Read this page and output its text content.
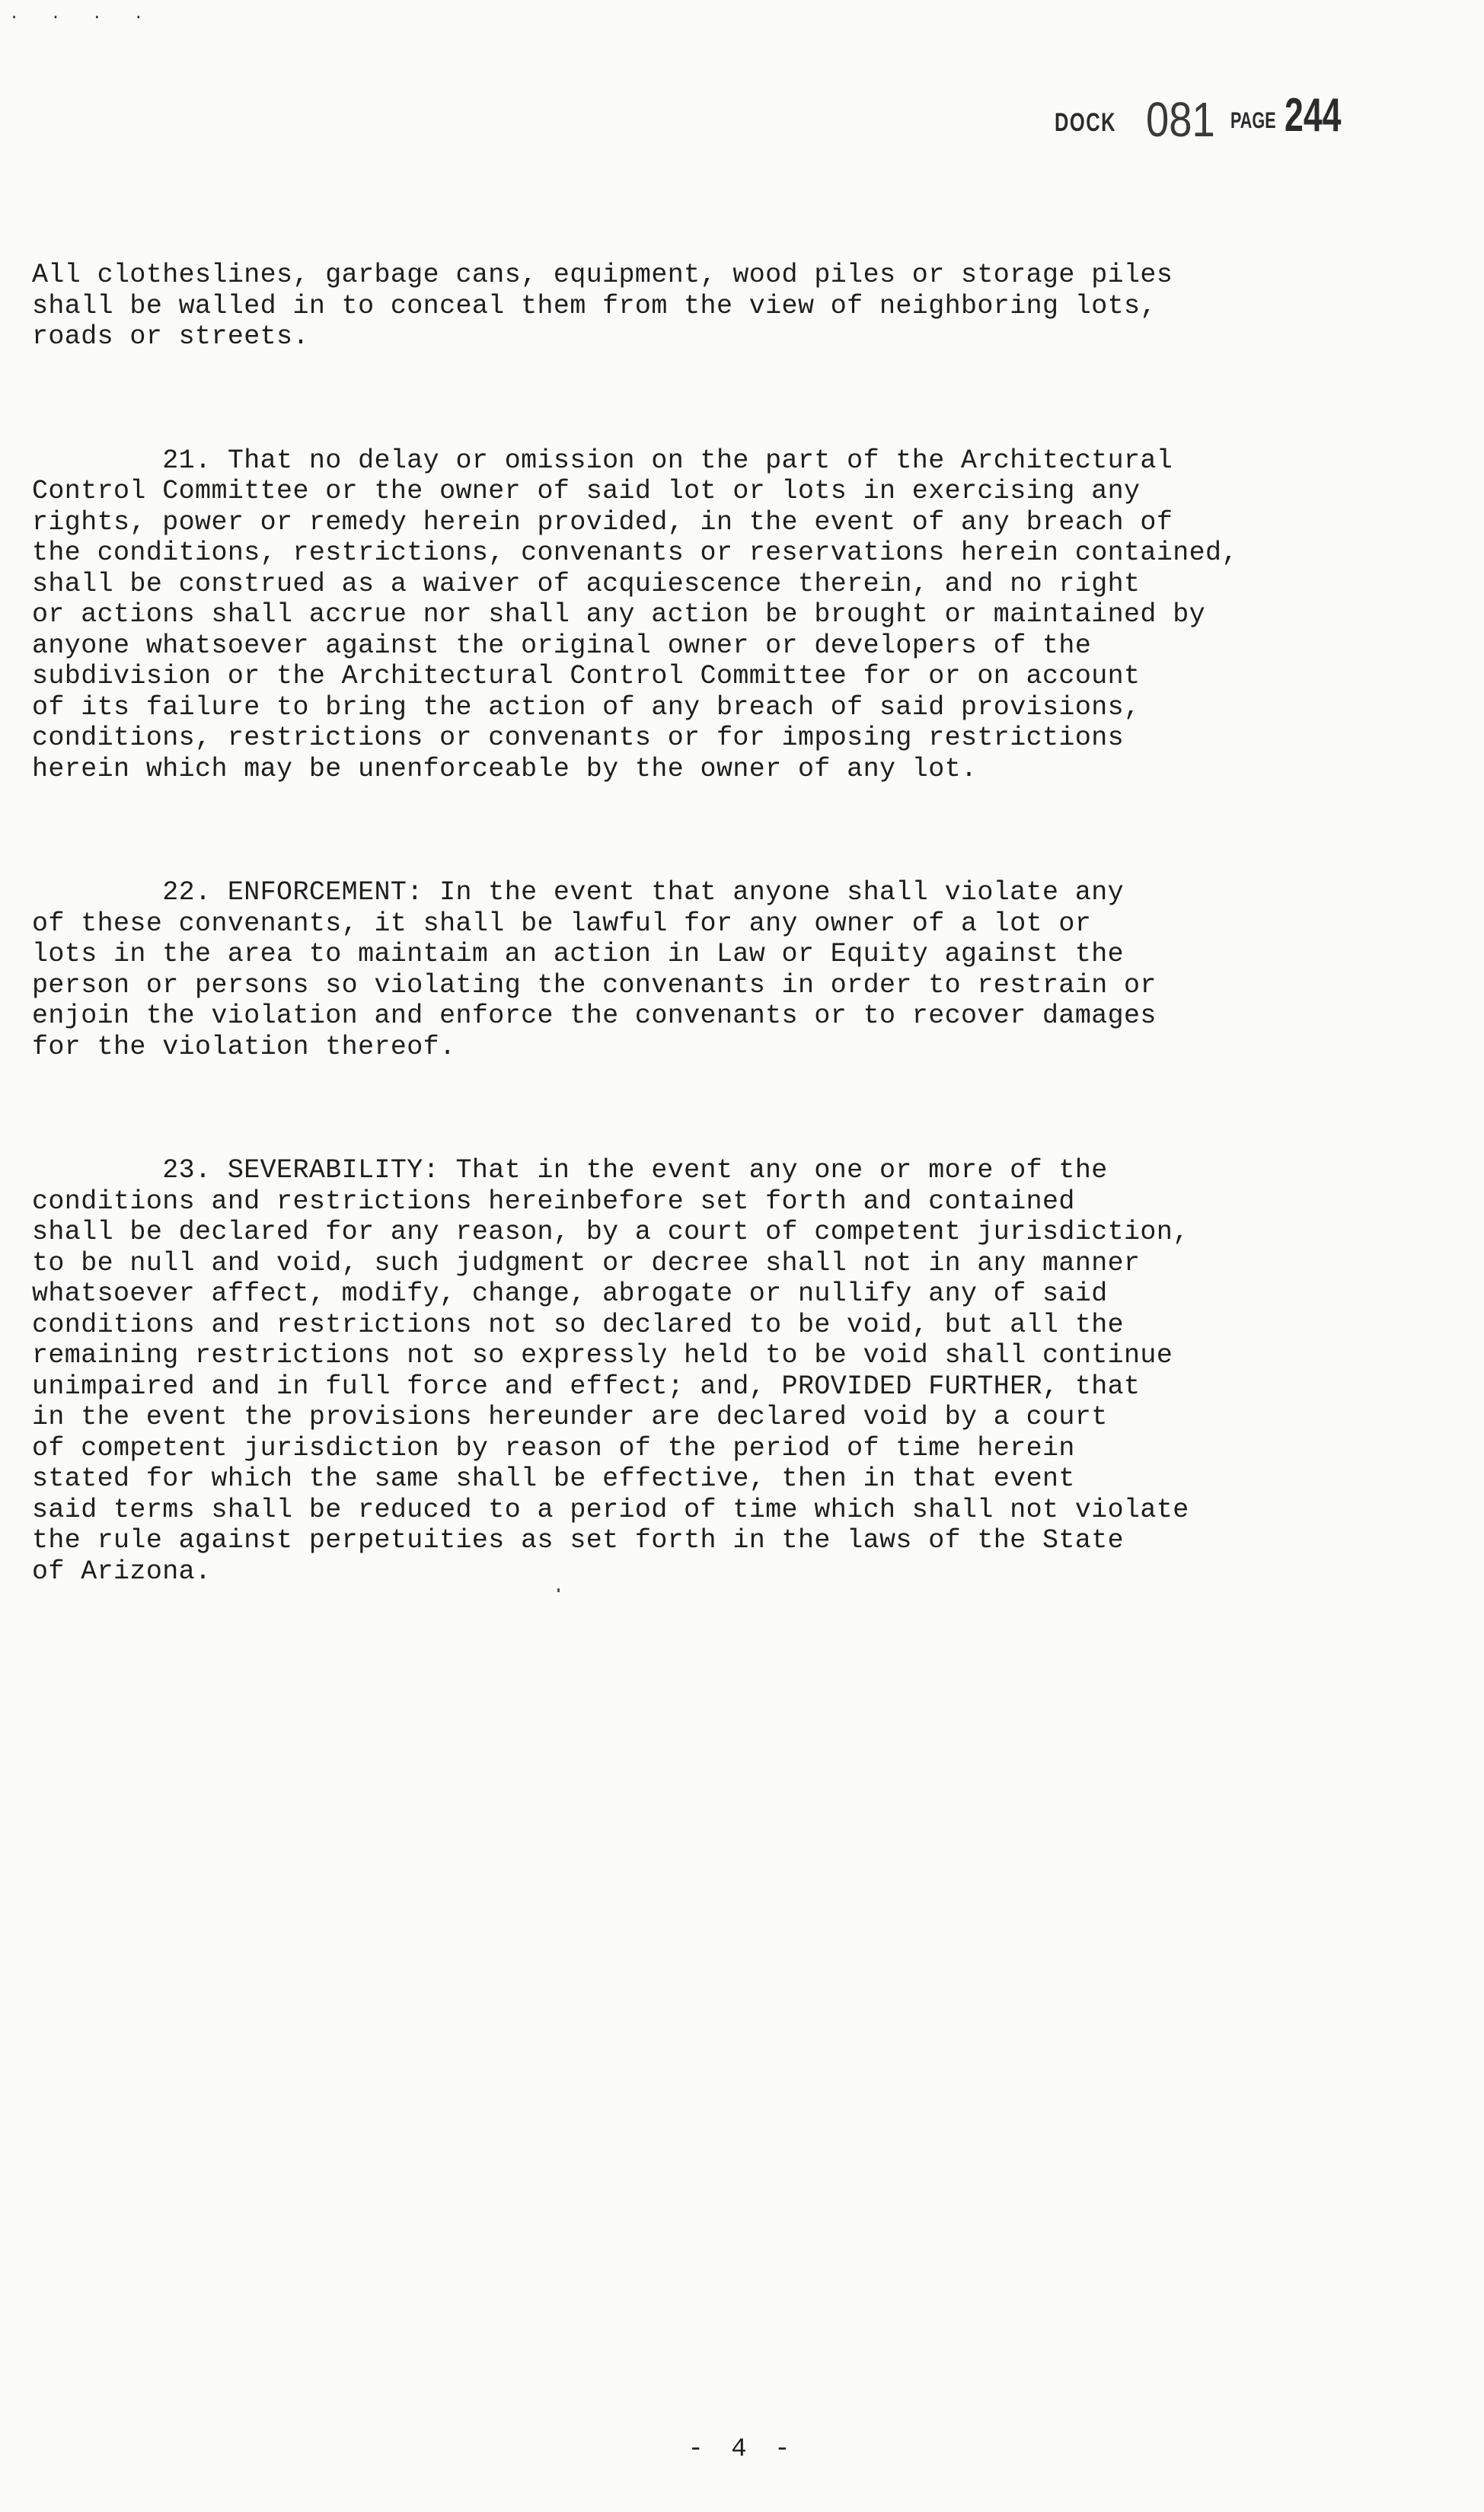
. . . .
DOCK 081 PAGE 244

All clotheslines, garbage cans, equipment, wood piles or storage piles
shall be walled in to conceal them from the view of neighboring lots,
roads or streets.

21. That no delay or omission on the part of the Architectural
Control Committee or the owner of said lot or lots in exercising any
rights, power or remedy herein provided, in the event of any breach of
the conditions, restrictions, convenants or reservations herein contained,
shall be construed as a waiver of acquiescence therein, and no right
or actions shall accrue nor shall any action be brought or maintained by
anyone whatsoever against the original owner or developers of the
subdivision or the Architectural Control Committee for or on account
of its failure to bring the action of any breach of said provisions,
conditions, restrictions or convenants or for imposing restrictions
herein which may be unenforceable by the owner of any lot.

22. ENFORCEMENT: In the event that anyone shall violate any
of these convenants, it shall be lawful for any owner of a lot or
lots in the area to maintaim an action in Law or Equity against the
person or persons so violating the convenants in order to restrain or
enjoin the violation and enforce the convenants or to recover damages
for the violation thereof.

23. SEVERABILITY: That in the event any one or more of the
conditions and restrictions hereinbefore set forth and contained
shall be declared for any reason, by a court of competent jurisdiction,
to be null and void, such judgment or decree shall not in any manner
whatsoever affect, modify, change, abrogate or nullify any of said
conditions and restrictions not so declared to be void, but all the
remaining restrictions not so expressly held to be void shall continue
unimpaired and in full force and effect; and, PROVIDED FURTHER, that
in the event the provisions hereunder are declared void by a court
of competent jurisdiction by reason of the period of time herein
stated for which the same shall be effective, then in that event
said terms shall be reduced to a period of time which shall not violate
the rule against perpetuities as set forth in the laws of the State
of Arizona.

- 4 -
